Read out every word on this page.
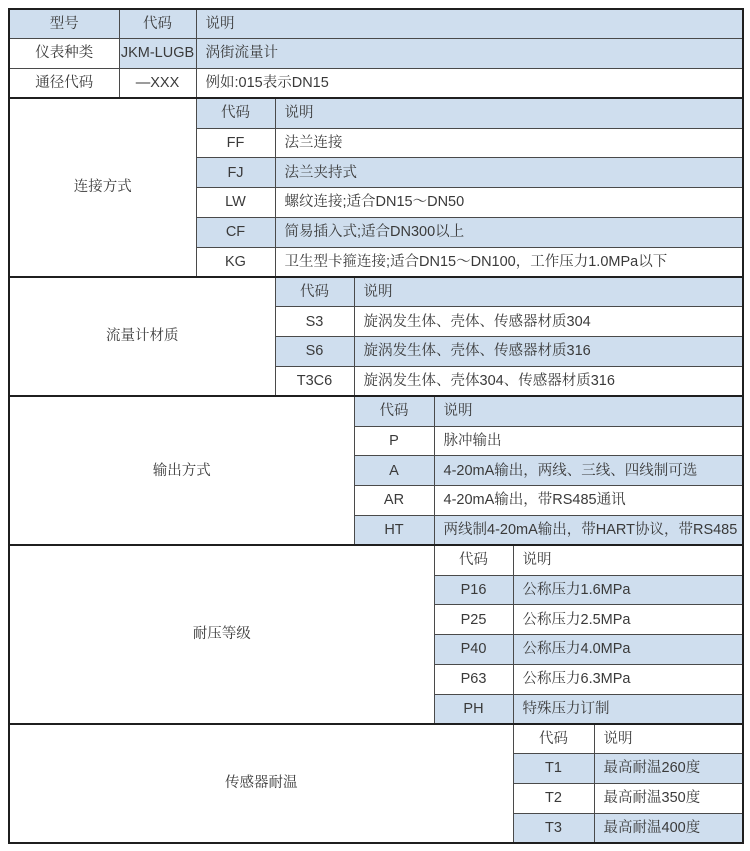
型号	代码	说明					
仪表种类	JKM-LUGB	涡街流量计					
通径代码	—XXX	例如:015表示DN15					
连接方式		代码	说明				
		FF	法兰连接				
		FJ	法兰夹持式				
		LW	螺纹连接;适合DN15～DN50				
		CF	简易插入式;适合DN300以上				
		KG	卫生型卡箍连接;适合DN15～DN100，工作压力1.0MPa以下				
流量计材质			代码	说明			
			S3	旋涡发生体、壳体、传感器材质304			
			S6	旋涡发生体、壳体、传感器材质316			
			T3C6	旋涡发生体、壳体304、传感器材质316			
输出方式				代码	说明		
				P	脉冲输出		
				A	4-20mA输出，两线、三线、四线制可选		
				AR	4-20mA输出，带RS485通讯		
				HT	两线制4-20mA输出，带HART协议，带RS485		
耐压等级					代码	说明	
					P16	公称压力1.6MPa	
					P25	公称压力2.5MPa	
					P40	公称压力4.0MPa	
					P63	公称压力6.3MPa	
					PH	特殊压力订制	
传感器耐温						代码	说明
						T1	最高耐温260度
						T2	最高耐温350度
						T3	最高耐温400度
